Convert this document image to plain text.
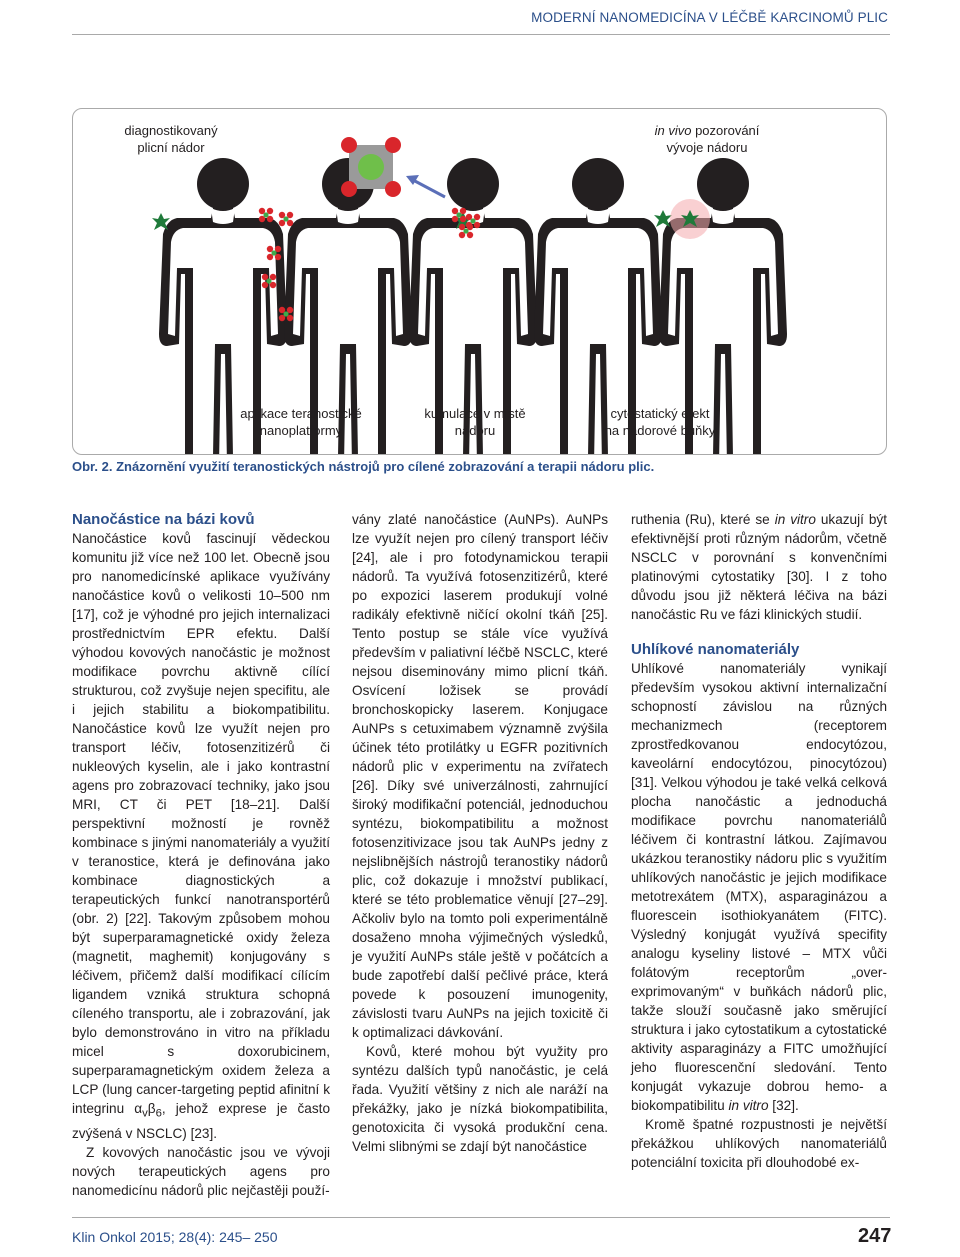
MODERNÍ NANOMEDICÍNA V LÉČBĚ KARCINOMŮ PLIC
diagnostikovaný
plicní nádor
in vivo pozorování
vývoje nádoru
aplikace teranostické
nanoplatformy
kumulace v místě
nádoru
cytostatický efekt
na nádorové buňky
Obr. 2. Znázornění využití teranostických nástrojů pro cílené zobrazování a terapii nádoru plic.
Nanočástice na bázi kovů

Nanočástice kovů fascinují vědeckou komunitu již více než 100 let. Obecně jsou pro nanomedicínské aplikace využívány nanočástice kovů o velikosti 10–500 nm [17], což je výhodné pro jejich internalizaci prostřednictvím EPR efektu. Další výhodou kovových nanočástic je možnost modifikace povrchu aktivně cílící strukturou, což zvyšuje nejen specifitu, ale i jejich stabilitu a biokompatibilitu. Nanočástice kovů lze využít nejen pro transport léčiv, fotosenzitizérů či nukleových kyselin, ale i jako kontrastní agens pro zobrazovací techniky, jako jsou MRI, CT či PET [18–21]. Další perspektivní možností je rovněž kombinace s jinými nanomateriály a využití v teranostice, která je definována jako kombinace diagnostických a terapeutických funkcí nanotransportérů (obr. 2) [22]. Takovým způsobem mohou být superparamagnetické oxidy železa (magnetit, maghemit) konjugovány s léčivem, přičemž další modifikací cílícím ligandem vzniká struktura schopná cíleného transportu, ale i zobrazování, jak bylo demonstrováno in vitro na příkladu micel s doxorubicinem, superparamagnetickým oxidem železa a LCP (lung cancer-targeting peptid afinitní k integrinu $\alpha_v\beta_6$, jehož exprese je často zvýšená v NSCLC) [23].

Z kovových nanočástic jsou ve vývoji nových terapeutických agens pro nanomedicínu nádorů plic nejčastěji použí-

vány zlaté nanočástice (AuNPs). AuNPs lze využít nejen pro cílený transport léčiv [24], ale i pro fotodynamickou terapii nádorů. Ta využívá fotosenzitizérů, které po expozici laserem produkují volné radikály efektivně ničící okolní tkáň [25]. Tento postup se stále více využívá především v paliativní léčbě NSCLC, které nejsou diseminovány mimo plicní tkáň. Osvícení ložisek se provádí bronchoskopicky laserem. Konjugace AuNPs s cetuximabem významně zvýšila účinek této protilátky u EGFR pozitivních nádorů plic v experimentu na zvířatech [26]. Díky své univerzálnosti, zahrnující široký modifikační potenciál, jednoduchou syntézu, biokompatibilitu a možnost fotosenzitivizace jsou tak AuNPs jedny z nejslibnějších nástrojů teranostiky nádorů plic, což dokazuje i množství publikací, které se této problematice věnují [27–29]. Ačkoliv bylo na tomto poli experimentálně dosaženo mnoha výjimečných výsledků, je využití AuNPs stále ještě v počátcích a bude zapotřebí další pečlivé práce, která povede k posouzení imunogenity, závislosti tvaru AuNPs na jejich toxicitě či k optimalizaci dávkování.

Kovů, které mohou být využity pro syntézu dalších typů nanočástic, je celá řada. Využití většiny z nich ale naráží na překážky, jako je nízká biokompatibilita, genotoxicita či vysoká produkční cena. Velmi slibnými se zdají být nanočástice

ruthenia (Ru), které se in vitro ukazují být efektivnější proti různým nádorům, včetně NSCLC v porovnání s konvenčními platinovými cytostatiky [30]. I z toho důvodu jsou již některá léčiva na bázi nanočástic Ru ve fázi klinických studií.

Uhlíkové nanomateriály

Uhlíkové nanomateriály vynikají především vysokou aktivní internalizační schopností závislou na různých mechanizmech (receptorem zprostředkovanou endocytózou, kaveolární endocytózou, pinocytózou) [31]. Velkou výhodou je také velká celková plocha nanočástic a jednoduchá modifikace povrchu nanomateriálů léčivem či kontrastní látkou. Zajímavou ukázkou teranostiky nádoru plic s využitím uhlíkových nanočástic je jejich modifikace metotrexátem (MTX), asparaginázou a fluorescein isothiokyanátem (FITC). Výsledný konjugát využívá specifity analogu kyseliny listové – MTX vůči folátovým receptorům „over-exprimovaným“ v buňkách nádorů plic, takže slouží současně jako směrující struktura i jako cytostatikum a cytostatické aktivity asparaginázy a FITC umožňující jeho fluorescenční sledování. Tento konjugát vykazuje dobrou hemo- a biokompatibilitu in vitro [32].

Kromě špatné rozpustnosti je největší překážkou uhlíkových nanomateriálů potenciální toxicita při dlouhodobé ex-

Klin Onkol 2015; 28(4): 245– 250	247
